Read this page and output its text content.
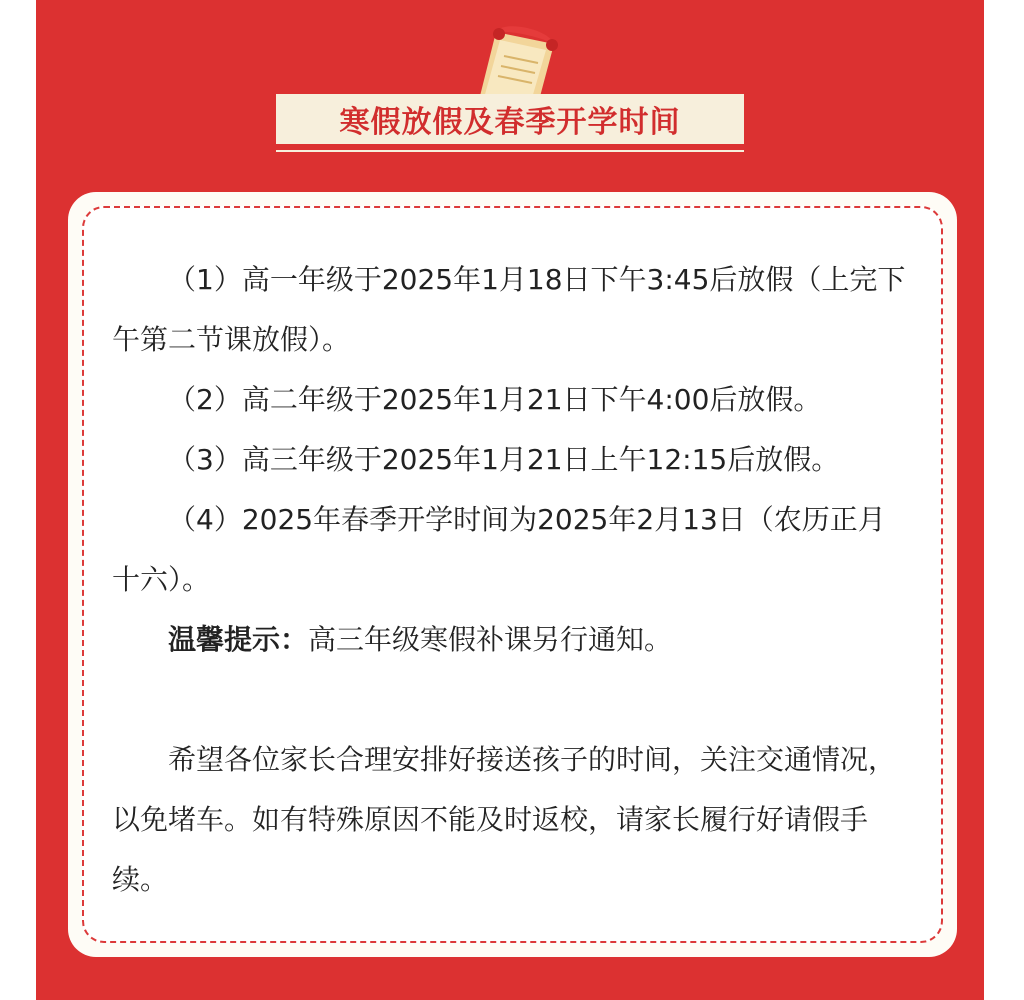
寒假放假及春季开学时间

（1）高一年级于2025年1月18日下午3:45后放假（上完下午第二节课放假）。

（2）高二年级于2025年1月21日下午4:00后放假。

（3）高三年级于2025年1月21日上午12:15后放假。

（4）2025年春季开学时间为2025年2月13日（农历正月十六）。

温馨提示：高三年级寒假补课另行通知。

希望各位家长合理安排好接送孩子的时间，关注交通情况，以免堵车。如有特殊原因不能及时返校，请家长履行好请假手续。
